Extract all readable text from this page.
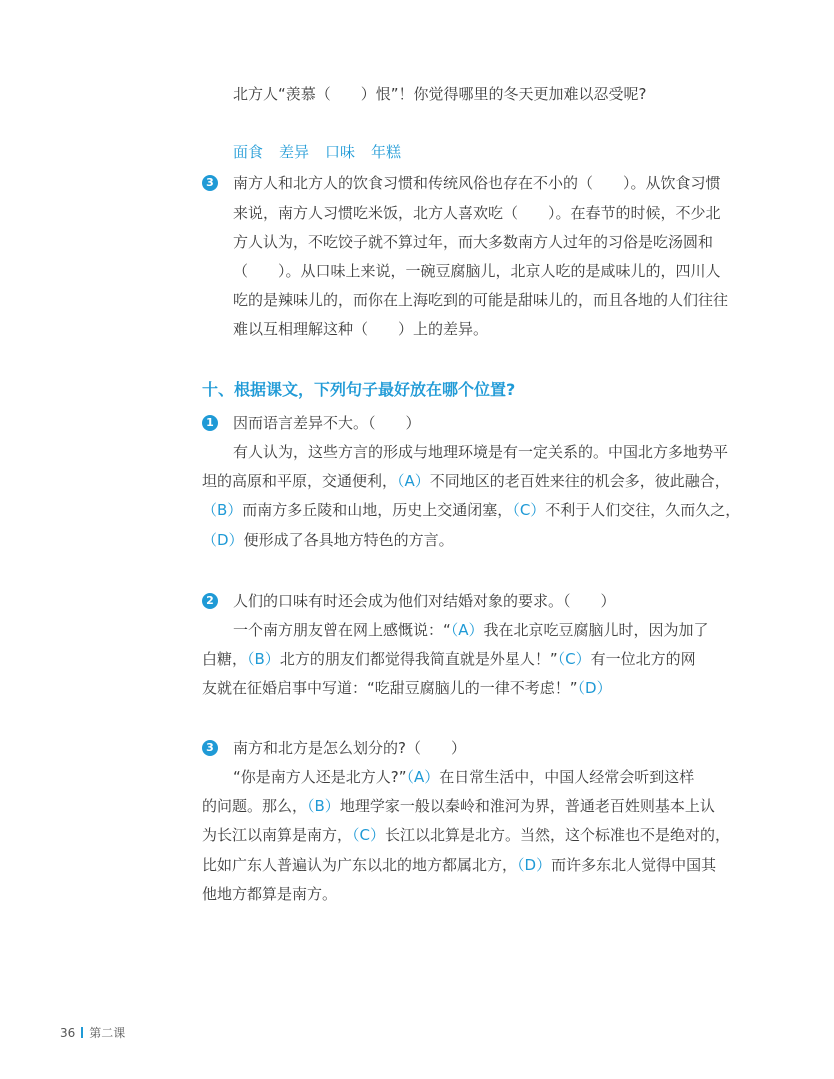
北方人“羡慕（　　）恨”！你觉得哪里的冬天更加难以忍受呢?
面食 差异 口味 年糕
3 南方人和北方人的饮食习惯和传统风俗也存在不小的（　　）。从饮食习惯
来说，南方人习惯吃米饭，北方人喜欢吃（　　）。在春节的时候，不少北
方人认为，不吃饺子就不算过年，而大多数南方人过年的习俗是吃汤圆和
（　　）。从口味上来说，一碗豆腐脑儿，北京人吃的是咸味儿的，四川人
吃的是辣味儿的，而你在上海吃到的可能是甜味儿的，而且各地的人们往往
难以互相理解这种（　　）上的差异。
十、根据课文，下列句子最好放在哪个位置?
1 因而语言差异不大。（　　）
有人认为，这些方言的形成与地理环境是有一定关系的。中国北方多地势平
坦的高原和平原，交通便利，（A）不同地区的老百姓来往的机会多，彼此融合，
（B）而南方多丘陵和山地，历史上交通闭塞，（C）不利于人们交往，久而久之，
（D）便形成了各具地方特色的方言。
2 人们的口味有时还会成为他们对结婚对象的要求。（　　）
一个南方朋友曾在网上感慨说：“（A）我在北京吃豆腐脑儿时，因为加了
白糖，（B）北方的朋友们都觉得我简直就是外星人！”（C）有一位北方的网
友就在征婚启事中写道：“吃甜豆腐脑儿的一律不考虑！”（D）
3 南方和北方是怎么划分的?（　　）
“你是南方人还是北方人?”（A）在日常生活中，中国人经常会听到这样
的问题。那么，（B）地理学家一般以秦岭和淮河为界，普通老百姓则基本上认
为长江以南算是南方，（C）长江以北算是北方。当然，这个标准也不是绝对的，
比如广东人普遍认为广东以北的地方都属北方，（D）而许多东北人觉得中国其
他地方都算是南方。
36 第二课
